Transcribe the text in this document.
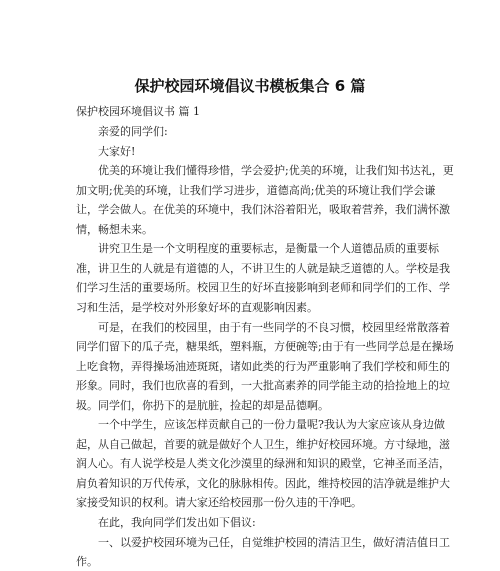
保护校园环境倡议书模板集合 6 篇
保护校园环境倡议书 篇 1
亲爱的同学们:
大家好!
优美的环境让我们懂得珍惜，学会爱护;优美的环境，让我们知书达礼，更
加文明;优美的环境，让我们学习进步，道德高尚;优美的环境让我们学会谦
让，学会做人。在优美的环境中，我们沐浴着阳光，吸取着营养，我们满怀激
情，畅想未来。
讲究卫生是一个文明程度的重要标志，是衡量一个人道德品质的重要标
准，讲卫生的人就是有道德的人，不讲卫生的人就是缺乏道德的人。学校是我
们学习生活的重要场所。校园卫生的好坏直接影响到老师和同学们的工作、学
习和生活，是学校对外形象好坏的直观影响因素。
可是，在我们的校园里，由于有一些同学的不良习惯，校园里经常散落着
同学们留下的瓜子壳，糖果纸，塑料瓶，方便碗等;由于有一些同学总是在操场
上吃食物，弄得操场油迹斑斑，诸如此类的行为严重影响了我们学校和师生的
形象。同时，我们也欣喜的看到，一大批高素养的同学能主动的拾捡地上的垃
圾。同学们，你扔下的是肮脏，捡起的却是品德啊。
一个中学生，应该怎样贡献自己的一份力量呢?我认为大家应该从身边做
起，从自己做起，首要的就是做好个人卫生，维护好校园环境。方寸绿地，滋
润人心。有人说学校是人类文化沙漠里的绿洲和知识的殿堂，它神圣而圣洁，
肩负着知识的万代传承，文化的脉脉相传。因此，维持校园的洁净就是维护大
家接受知识的权利。请大家还给校园那一份久违的干净吧。
在此，我向同学们发出如下倡议:
一、以爱护校园环境为己任，自觉维护校园的清洁卫生，做好清洁值日工
作。
